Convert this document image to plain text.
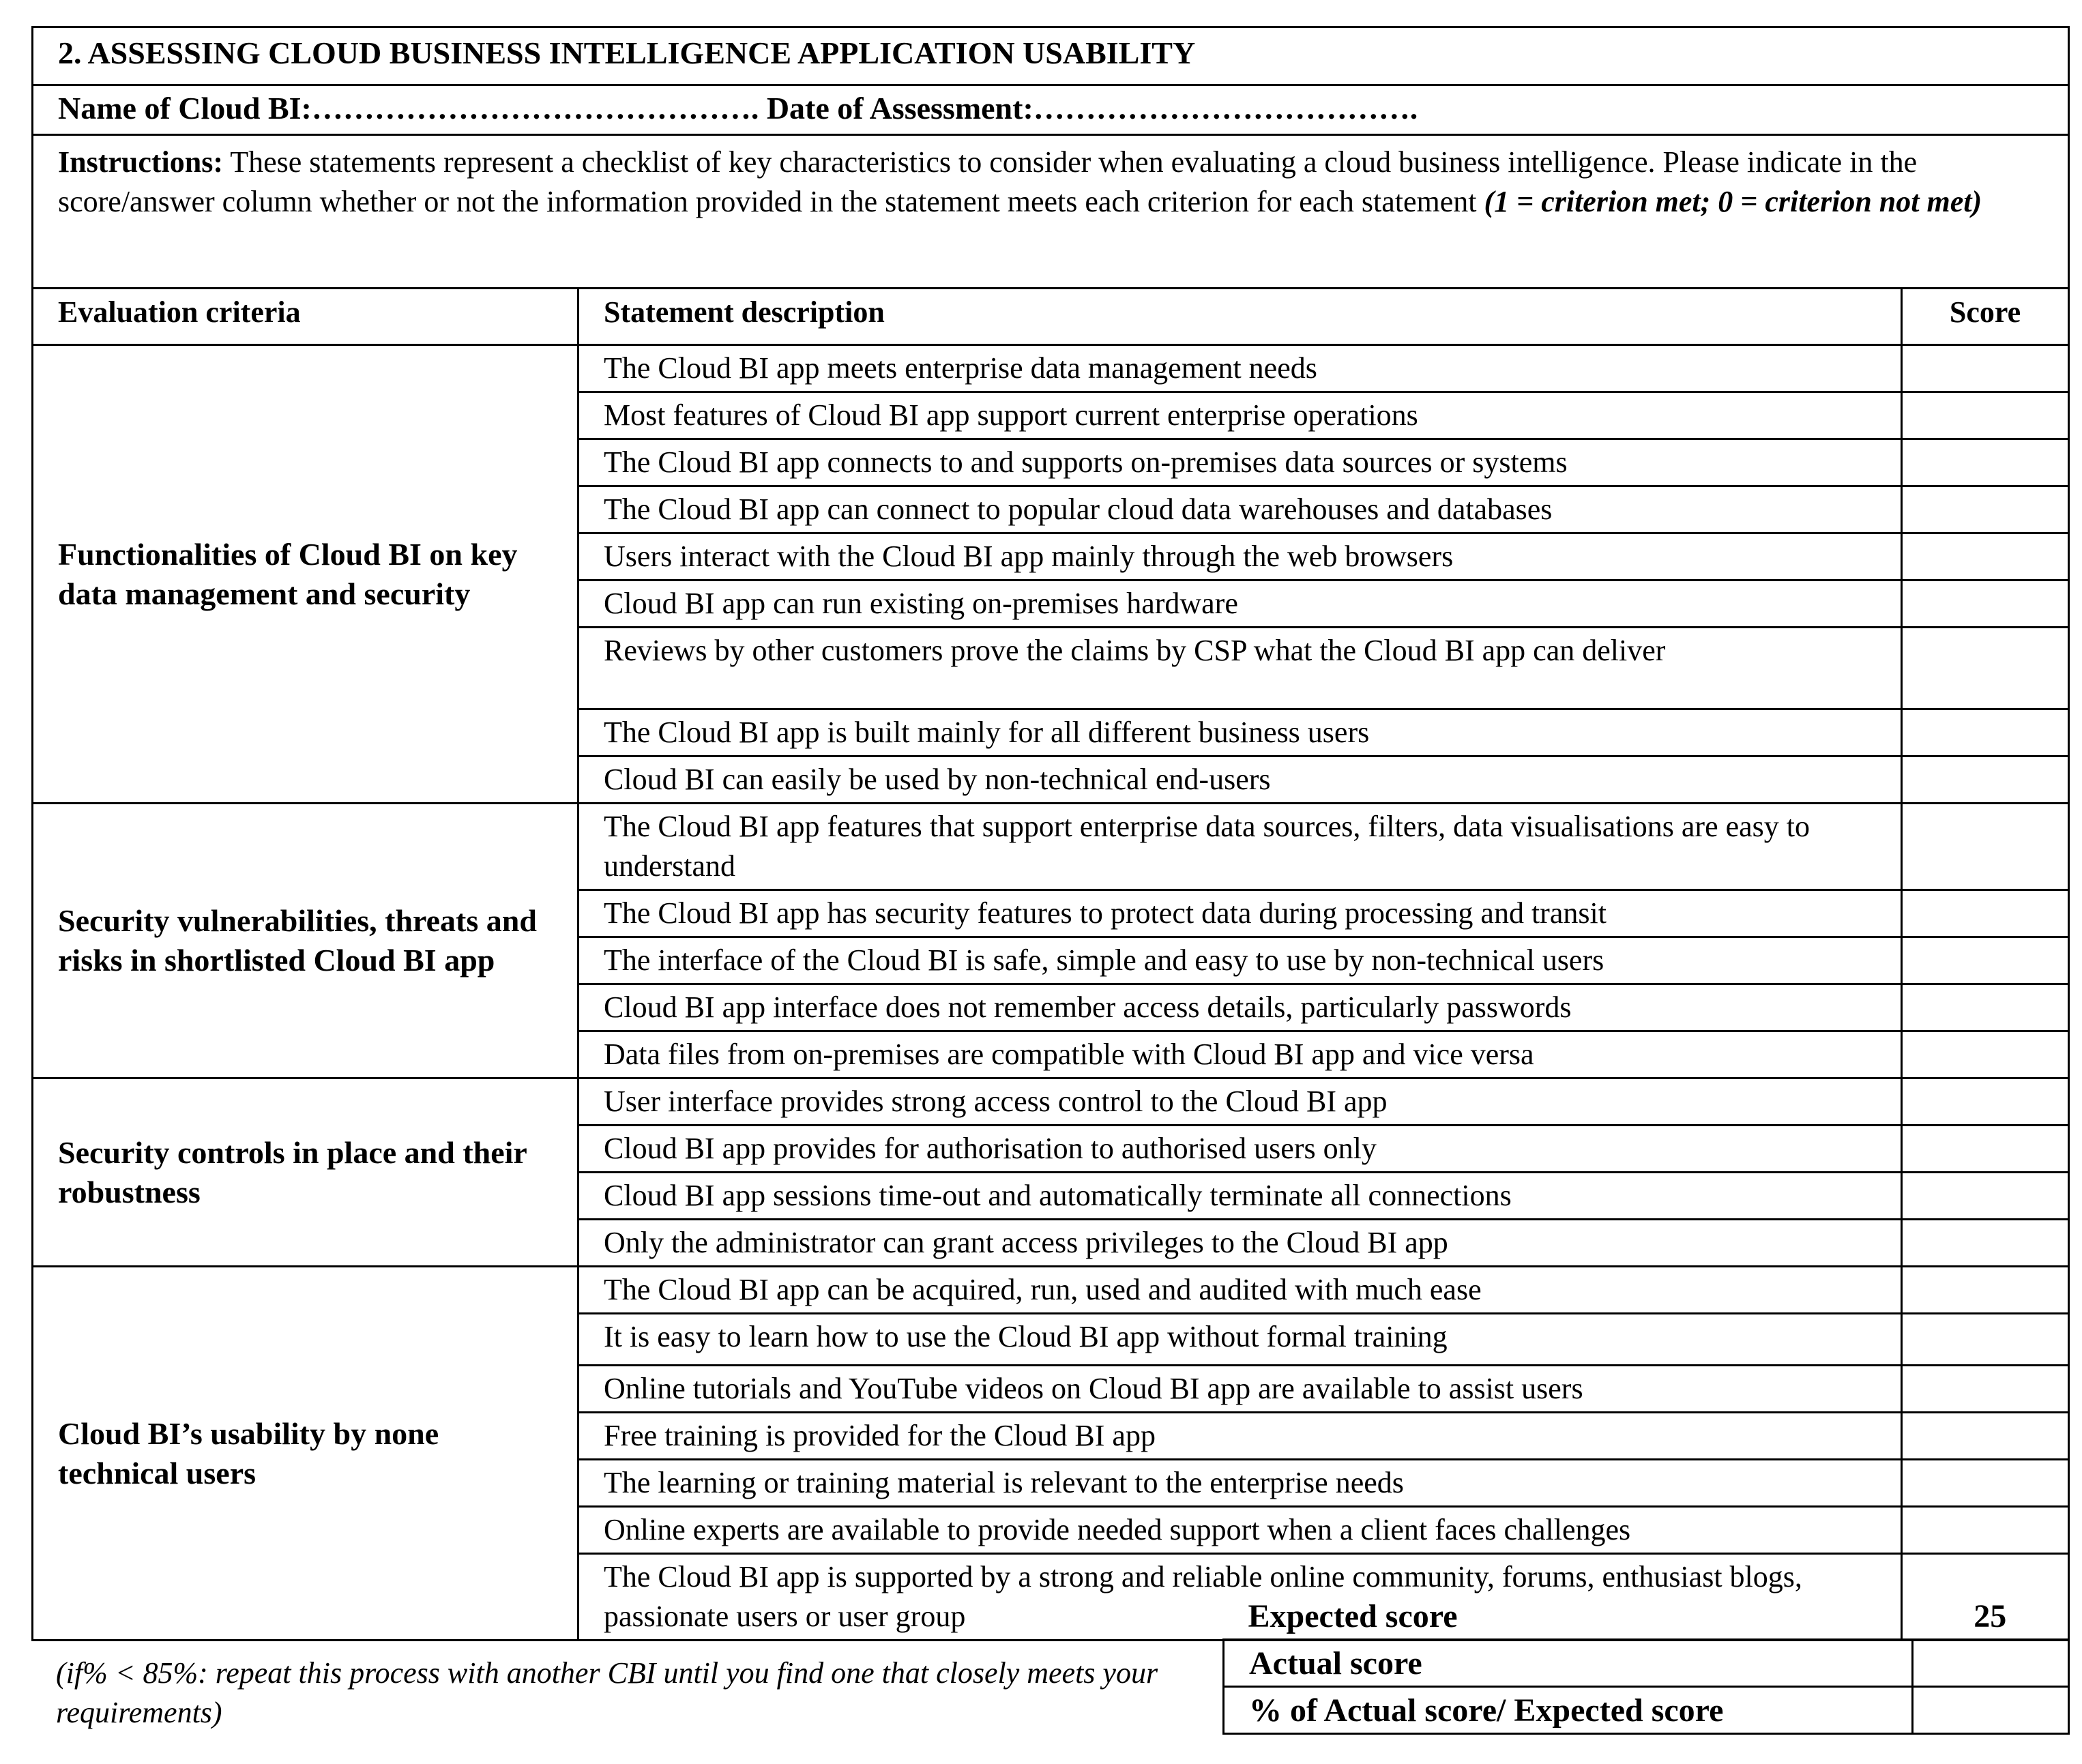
2. ASSESSING CLOUD BUSINESS INTELLIGENCE APPLICATION USABILITY		
Name of Cloud BI:……………………………………. Date of Assessment:……………………………….		
Instructions: These statements represent a checklist of key characteristics to consider when evaluating a cloud business intelligence. Please indicate in the score/answer column whether or not the information provided in the statement meets each criterion for each statement (1 = criterion met; 0 = criterion not met)		
Evaluation criteria	Statement description	Score
Functionalities of Cloud BI on key data management and security	The Cloud BI app meets enterprise data management needs	
	Most features of Cloud BI app support current enterprise operations	
	The Cloud BI app connects to and supports on-premises data sources or systems	
	The Cloud BI app can connect to popular cloud data warehouses and databases	
	Users interact with the Cloud BI app mainly through the web browsers	
	Cloud BI app can run existing on-premises hardware	
	Reviews by other customers prove the claims by CSP what the Cloud BI app can deliver	
	The Cloud BI app is built mainly for all different business users	
	Cloud BI can easily be used by non-technical end-users	
Security vulnerabilities, threats and risks in shortlisted Cloud BI app	The Cloud BI app features that support enterprise data sources, filters, data visualisations are easy to understand	
	The Cloud BI app has security features to protect data during processing and transit	
	The interface of the Cloud BI is safe, simple and easy to use by non-technical users	
	Cloud BI app interface does not remember access details, particularly passwords	
	Data files from on-premises are compatible with Cloud BI app and vice versa	
Security controls in place and their robustness	User interface provides strong access control to the Cloud BI app	
	Cloud BI app provides for authorisation to authorised users only	
	Cloud BI app sessions time-out and automatically terminate all connections	
	Only the administrator can grant access privileges to the Cloud BI app	
Cloud BI’s usability by none technical users	The Cloud BI app can be acquired, run, used and audited with much ease	
	It is easy to learn how to use the Cloud BI app without formal training	
	Online tutorials and YouTube videos on Cloud BI app are available to assist users	
	Free training is provided for the Cloud BI app	
	The learning or training material is relevant to the enterprise needs	
	Online experts are available to provide needed support when a client faces challenges	
	The Cloud BI app is supported by a strong and reliable online community, forums, enthusiast blogs, passionate users or user group	
(if% < 85%: repeat this process with another CBI until you find one that closely meets your requirements)
Expected score	25
Actual score	
% of Actual score/ Expected score	
